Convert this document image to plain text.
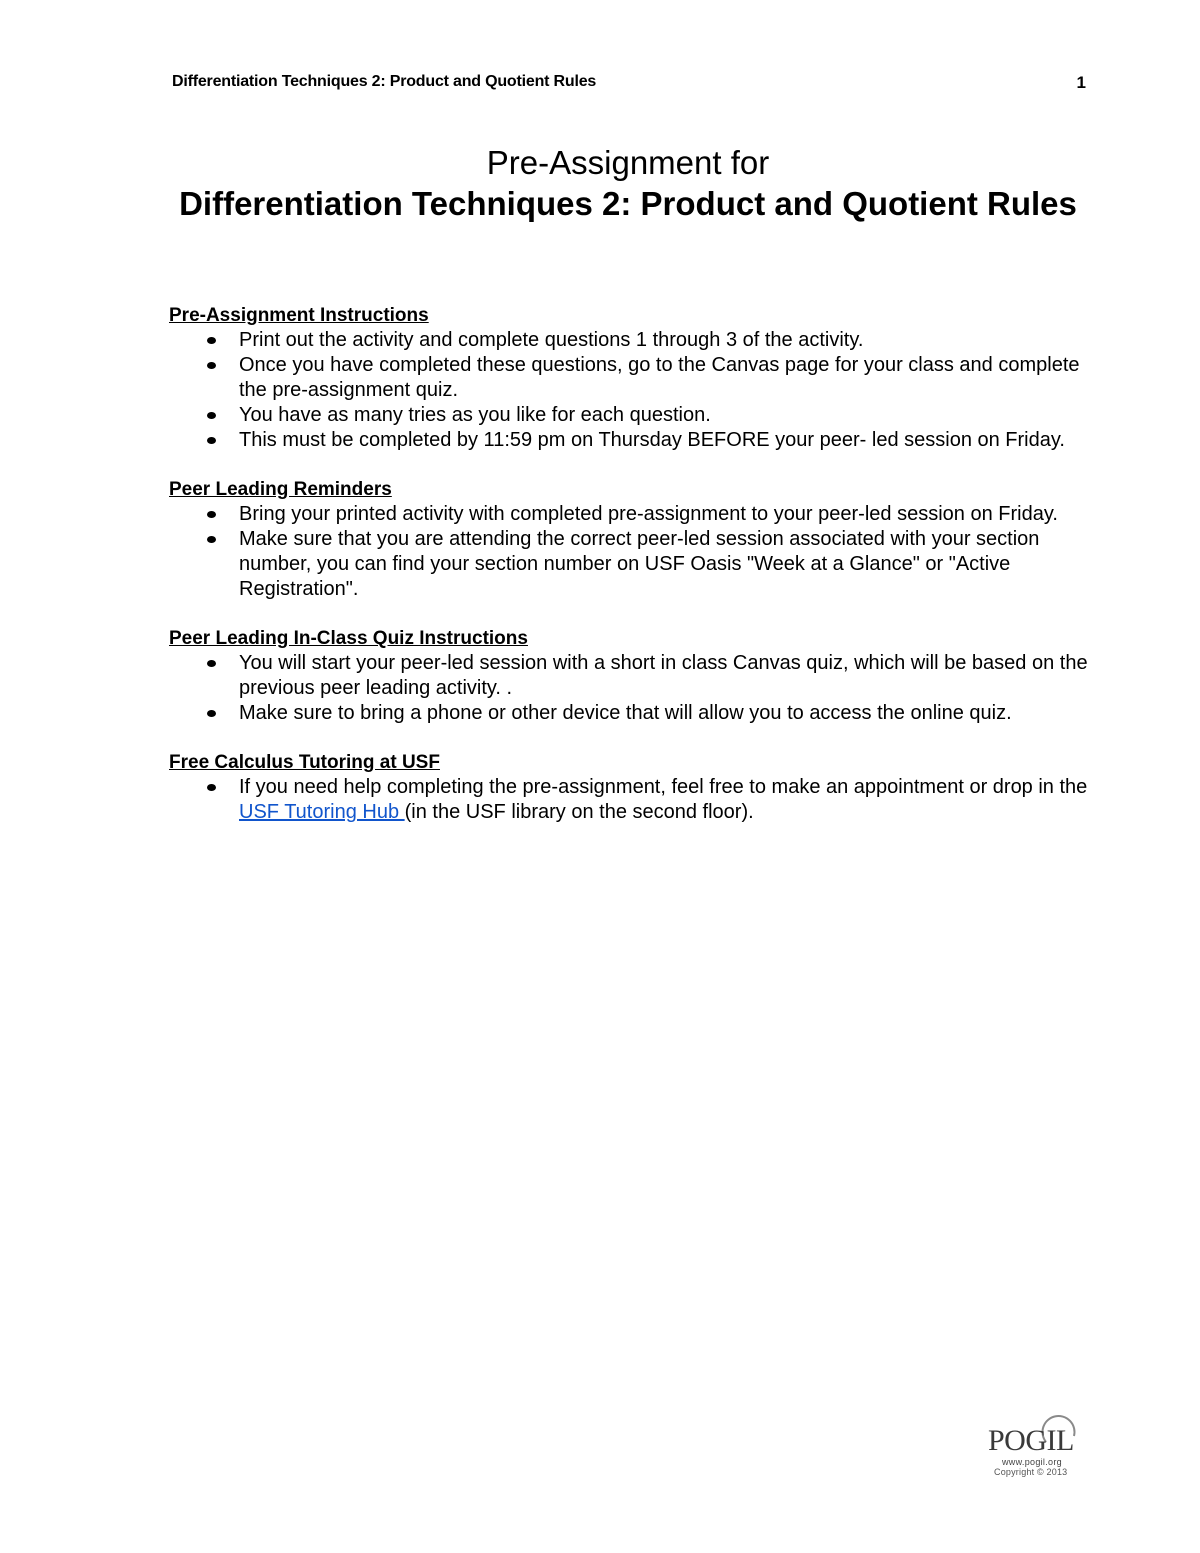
Differentiation Techniques 2: Product and Quotient Rules	1
Pre-Assignment for
Differentiation Techniques 2: Product and Quotient Rules
Pre-Assignment Instructions
Print out the activity and complete questions 1 through 3 of the activity.
Once you have completed these questions, go to the Canvas page for your class and complete the pre-assignment quiz.
You have as many tries as you like for each question.
This must be completed by 11:59 pm on Thursday BEFORE your peer- led session on Friday.
Peer Leading Reminders
Bring your printed activity with completed pre-assignment to your peer-led session on Friday.
Make sure that you are attending the correct peer-led session associated with your section number, you can find your section number on USF Oasis "Week at a Glance" or "Active Registration".
Peer Leading In-Class Quiz Instructions
You will start your peer-led session with a short in class Canvas quiz, which will be based on the previous peer leading activity. .
Make sure to bring a phone or other device that will allow you to access the online quiz.
Free Calculus Tutoring at USF
If you need help completing the pre-assignment, feel free to make an appointment or drop in the USF Tutoring Hub (in the USF library on the second floor).
POGIL
www.pogil.org
Copyright © 2013
